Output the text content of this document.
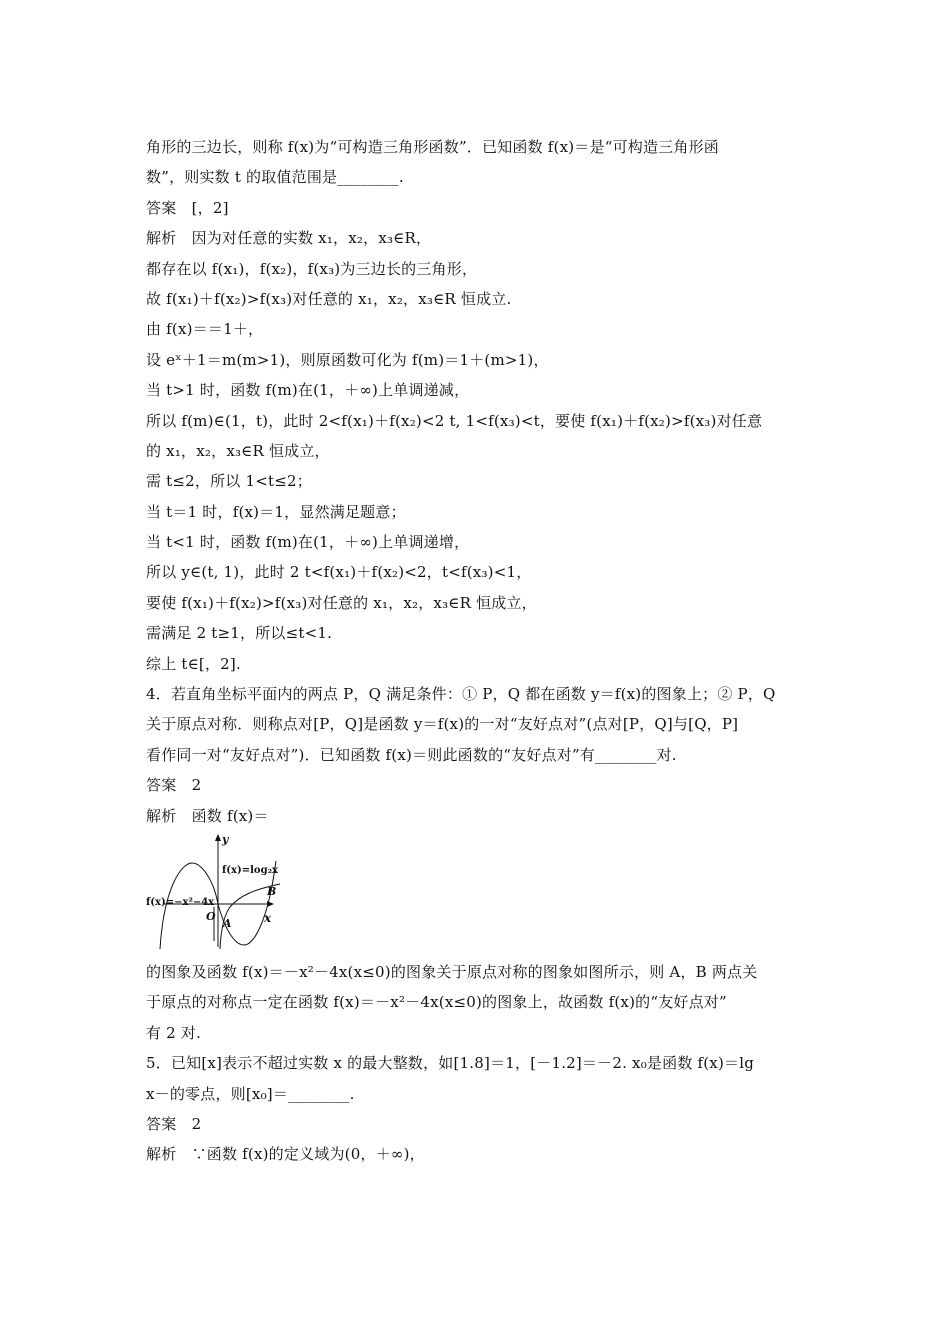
角形的三边长，则称 f(x)为“可构造三角形函数”．已知函数 f(x)＝是“可构造三角形函
数”，则实数 t 的取值范围是________.
答案　[，2]
解析　因为对任意的实数 x₁，x₂，x₃∈R，
都存在以 f(x₁)，f(x₂)，f(x₃)为三边长的三角形，
故 f(x₁)＋f(x₂)>f(x₃)对任意的 x₁，x₂，x₃∈R 恒成立.
由 f(x)＝＝1＋，
设 eˣ＋1＝m(m>1)，则原函数可化为 f(m)＝1＋(m>1)，
当 t>1 时，函数 f(m)在(1，＋∞)上单调递减，
所以 f(m)∈(1，t)，此时 2<f(x₁)＋f(x₂)<2 t, 1<f(x₃)<t，要使 f(x₁)＋f(x₂)>f(x₃)对任意
的 x₁，x₂，x₃∈R 恒成立，
需 t≤2，所以 1<t≤2；
当 t＝1 时，f(x)＝1，显然满足题意；
当 t<1 时，函数 f(m)在(1，＋∞)上单调递增，
所以 y∈(t, 1)，此时 2 t<f(x₁)＋f(x₂)<2，t<f(x₃)<1，
要使 f(x₁)＋f(x₂)>f(x₃)对任意的 x₁，x₂，x₃∈R 恒成立，
需满足 2 t≥1，所以≤t<1.
综上 t∈[，2].
4．若直角坐标平面内的两点 P，Q 满足条件：① P，Q 都在函数 y＝f(x)的图象上；② P，Q
关于原点对称．则称点对[P，Q]是函数 y＝f(x)的一对“友好点对”(点对[P，Q]与[Q，P]
看作同一对“友好点对”)．已知函数 f(x)＝则此函数的“友好点对”有________对.
答案　2
解析　函数 f(x)＝
y
x
O
A
B
f(x)=log₂x
f(x)=−x²−4x
的图象及函数 f(x)＝－x²－4x(x≤0)的图象关于原点对称的图象如图所示，则 A，B 两点关
于原点的对称点一定在函数 f(x)＝－x²－4x(x≤0)的图象上，故函数 f(x)的“友好点对”
有 2 对.
5．已知[x]表示不超过实数 x 的最大整数，如[1.8]＝1，[－1.2]＝－2. x₀是函数 f(x)＝lg
x－的零点，则[x₀]＝________.
答案　2
解析　∵函数 f(x)的定义域为(0，＋∞)，
